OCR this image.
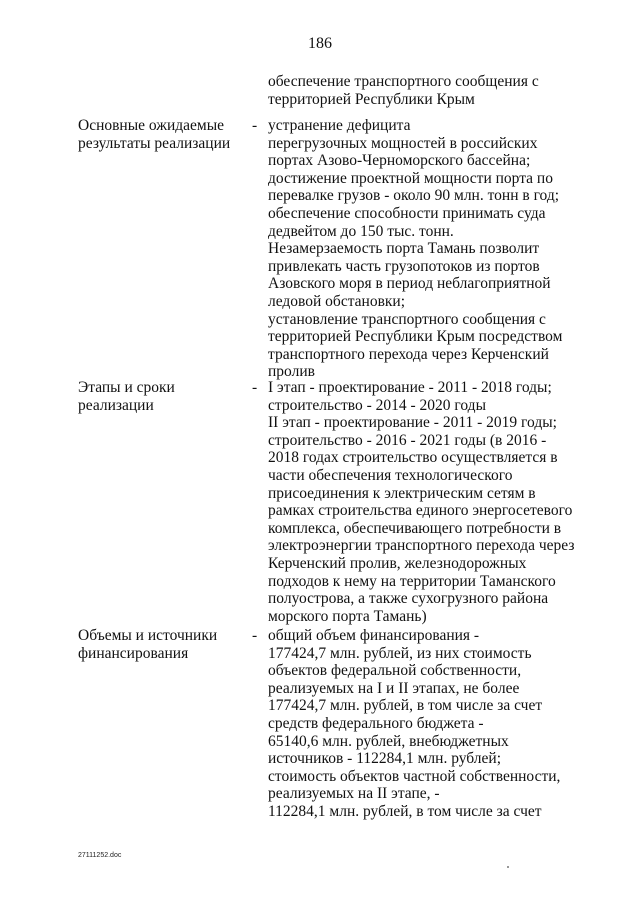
186
обеспечение транспортного сообщения с
территорией Республики Крым
Основные ожидаемые
результаты реализации
- устранение дефицита
перегрузочных мощностей в российских
портах Азово-Черноморского бассейна;
достижение проектной мощности порта по
перевалке грузов - около 90 млн. тонн в год;
обеспечение способности принимать суда
дедвейтом до 150 тыс. тонн.
Незамерзаемость порта Тамань позволит
привлекать часть грузопотоков из портов
Азовского моря в период неблагоприятной
ледовой обстановки;
установление транспортного сообщения с
территорией Республики Крым посредством
транспортного перехода через Керченский
пролив
Этапы и сроки
реализации
- I этап - проектирование - 2011 - 2018 годы;
строительство - 2014 - 2020 годы
II этап - проектирование - 2011 - 2019 годы;
строительство - 2016 - 2021 годы (в 2016 -
2018 годах строительство осуществляется в
части обеспечения технологического
присоединения к электрическим сетям в
рамках строительства единого энергосетевого
комплекса, обеспечивающего потребности в
электроэнергии транспортного перехода через
Керченский пролив, железнодорожных
подходов к нему на территории Таманского
полуострова, а также сухогрузного района
морского порта Тамань)
Объемы и источники
финансирования
- общий объем финансирования -
177424,7 млн. рублей, из них стоимость
объектов федеральной собственности,
реализуемых на I и II этапах, не более
177424,7 млн. рублей, в том числе за счет
средств федерального бюджета -
65140,6 млн. рублей, внебюджетных
источников - 112284,1 млн. рублей;
стоимость объектов частной собственности,
реализуемых на II этапе, -
112284,1 млн. рублей, в том числе за счет
27111252.doc
